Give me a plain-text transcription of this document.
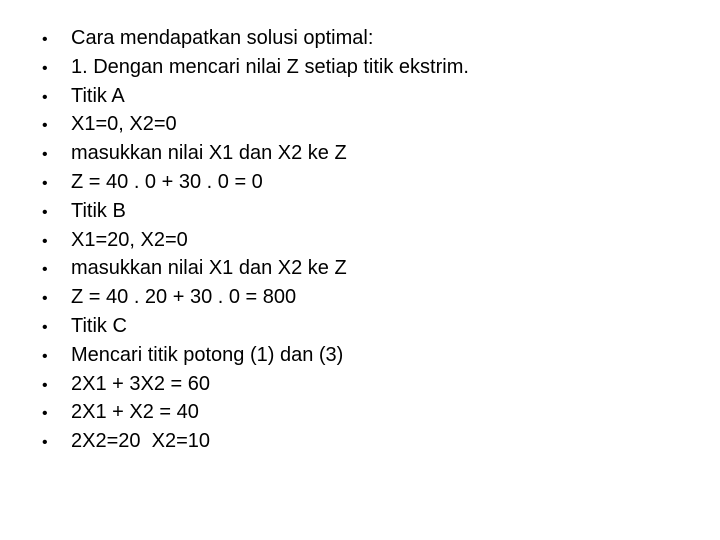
•	Cara mendapatkan solusi optimal:
•	1. Dengan mencari nilai Z setiap titik ekstrim.
•	Titik A
•	X1=0, X2=0
•	masukkan nilai X1 dan X2 ke Z
•	Z = 40 . 0 + 30 . 0 = 0
•	Titik B
•	X1=20, X2=0
•	masukkan nilai X1 dan X2 ke Z
•	Z = 40 . 20 + 30 . 0 = 800
•	Titik C
•	Mencari titik potong (1) dan (3)
•	2X1 + 3X2 = 60
•	2X1 + X2 = 40
•	2X2=20  X2=10
